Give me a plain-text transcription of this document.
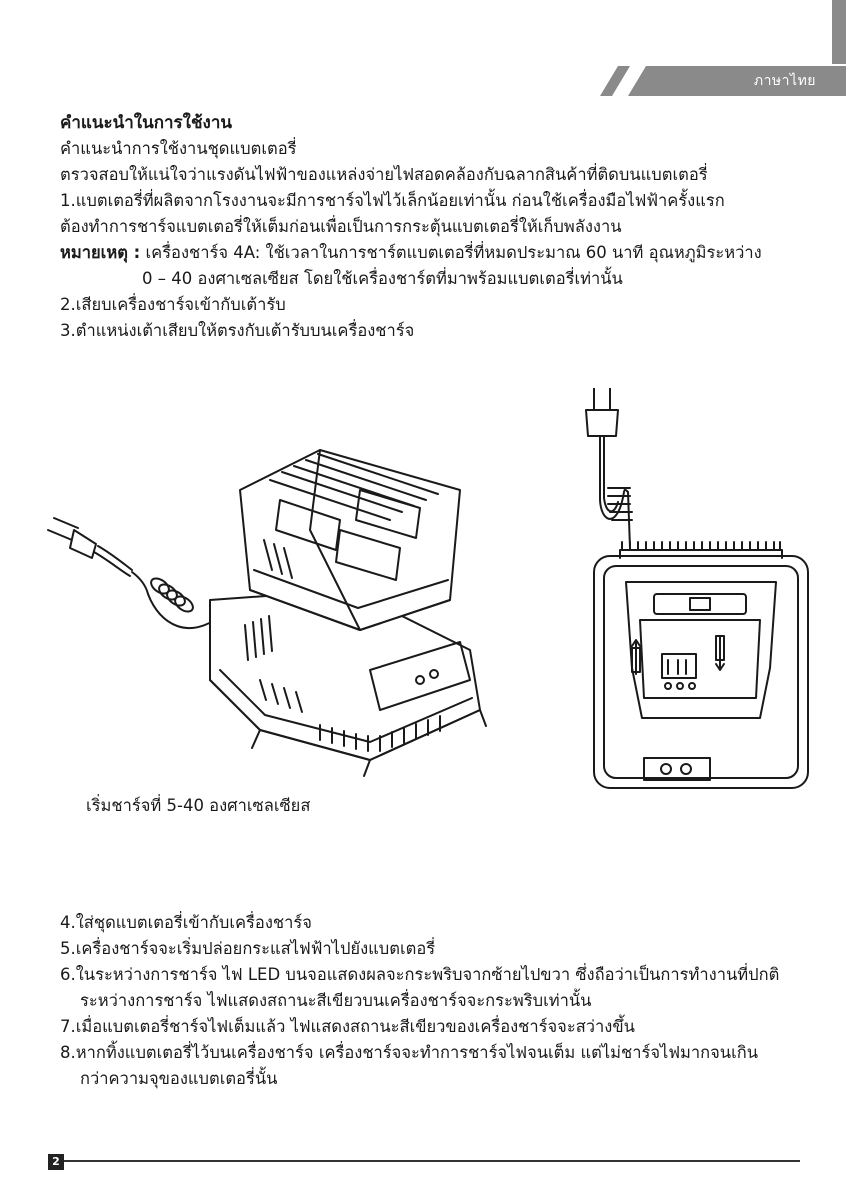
ภาษาไทย

คำแนะนำในการใช้งาน

คำแนะนำการใช้งานชุดแบตเตอรี่

ตรวจสอบให้แน่ใจว่าแรงดันไฟฟ้าของแหล่งจ่ายไฟสอดคล้องกับฉลากสินค้าที่ติดบนแบตเตอรี่

1.แบตเตอรี่ที่ผลิตจากโรงงานจะมีการชาร์จไฟไว้เล็กน้อยเท่านั้น ก่อนใช้เครื่องมือไฟฟ้าครั้งแรก

ต้องทำการชาร์จแบตเตอรี่ให้เต็มก่อนเพื่อเป็นการกระตุ้นแบตเตอรี่ให้เก็บพลังงาน

หมายเหตุ : เครื่องชาร์จ 4A: ใช้เวลาในการชาร์ตแบตเตอรี่ที่หมดประมาณ 60 นาที อุณหภูมิระหว่าง

0 – 40 องศาเซลเซียส โดยใช้เครื่องชาร์ตที่มาพร้อมแบตเตอรี่เท่านั้น

2.เสียบเครื่องชาร์จเข้ากับเต้ารับ

3.ตำแหน่งเต้าเสียบให้ตรงกับเต้ารับบนเครื่องชาร์จ

เริ่มชาร์จที่ 5-40 องศาเซลเซียส

4.ใส่ชุดแบตเตอรี่เข้ากับเครื่องชาร์จ

5.เครื่องชาร์จจะเริ่มปล่อยกระแสไฟฟ้าไปยังแบตเตอรี่

6.ในระหว่างการชาร์จ ไฟ LED บนจอแสดงผลจะกระพริบจากซ้ายไปขวา ซึ่งถือว่าเป็นการทำงานที่ปกติ

ระหว่างการชาร์จ ไฟแสดงสถานะสีเขียวบนเครื่องชาร์จจะกระพริบเท่านั้น

7.เมื่อแบตเตอรี่ชาร์จไฟเต็มแล้ว ไฟแสดงสถานะสีเขียวของเครื่องชาร์จจะสว่างขึ้น

8.หากทิ้งแบตเตอรี่ไว้บนเครื่องชาร์จ เครื่องชาร์จจะทำการชาร์จไฟจนเต็ม แต่ไม่ชาร์จไฟมากจนเกิน

กว่าความจุของแบตเตอรี่นั้น

2
